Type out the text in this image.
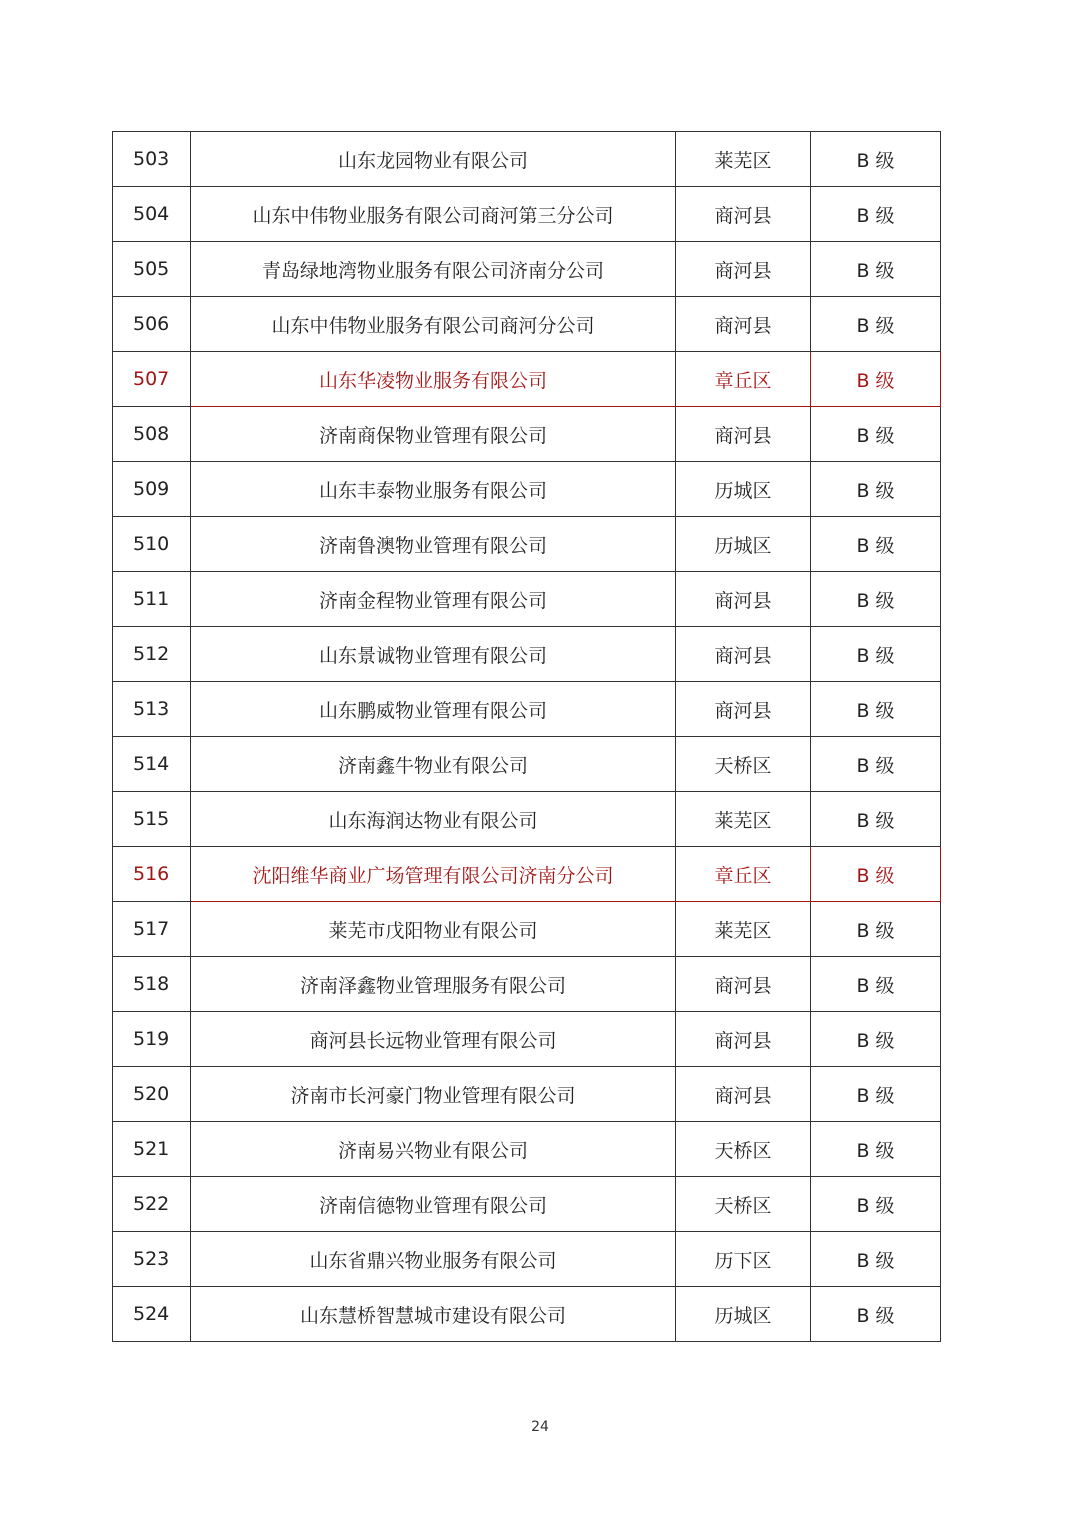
503	山东龙园物业有限公司	莱芜区	B 级
504	山东中伟物业服务有限公司商河第三分公司	商河县	B 级
505	青岛绿地湾物业服务有限公司济南分公司	商河县	B 级
506	山东中伟物业服务有限公司商河分公司	商河县	B 级
507	山东华凌物业服务有限公司	章丘区	B 级
508	济南商保物业管理有限公司	商河县	B 级
509	山东丰泰物业服务有限公司	历城区	B 级
510	济南鲁澳物业管理有限公司	历城区	B 级
511	济南金程物业管理有限公司	商河县	B 级
512	山东景诚物业管理有限公司	商河县	B 级
513	山东鹏威物业管理有限公司	商河县	B 级
514	济南鑫牛物业有限公司	天桥区	B 级
515	山东海润达物业有限公司	莱芜区	B 级
516	沈阳维华商业广场管理有限公司济南分公司	章丘区	B 级
517	莱芜市戊阳物业有限公司	莱芜区	B 级
518	济南泽鑫物业管理服务有限公司	商河县	B 级
519	商河县长远物业管理有限公司	商河县	B 级
520	济南市长河豪门物业管理有限公司	商河县	B 级
521	济南易兴物业有限公司	天桥区	B 级
522	济南信德物业管理有限公司	天桥区	B 级
523	山东省鼎兴物业服务有限公司	历下区	B 级
524	山东慧桥智慧城市建设有限公司	历城区	B 级
24
